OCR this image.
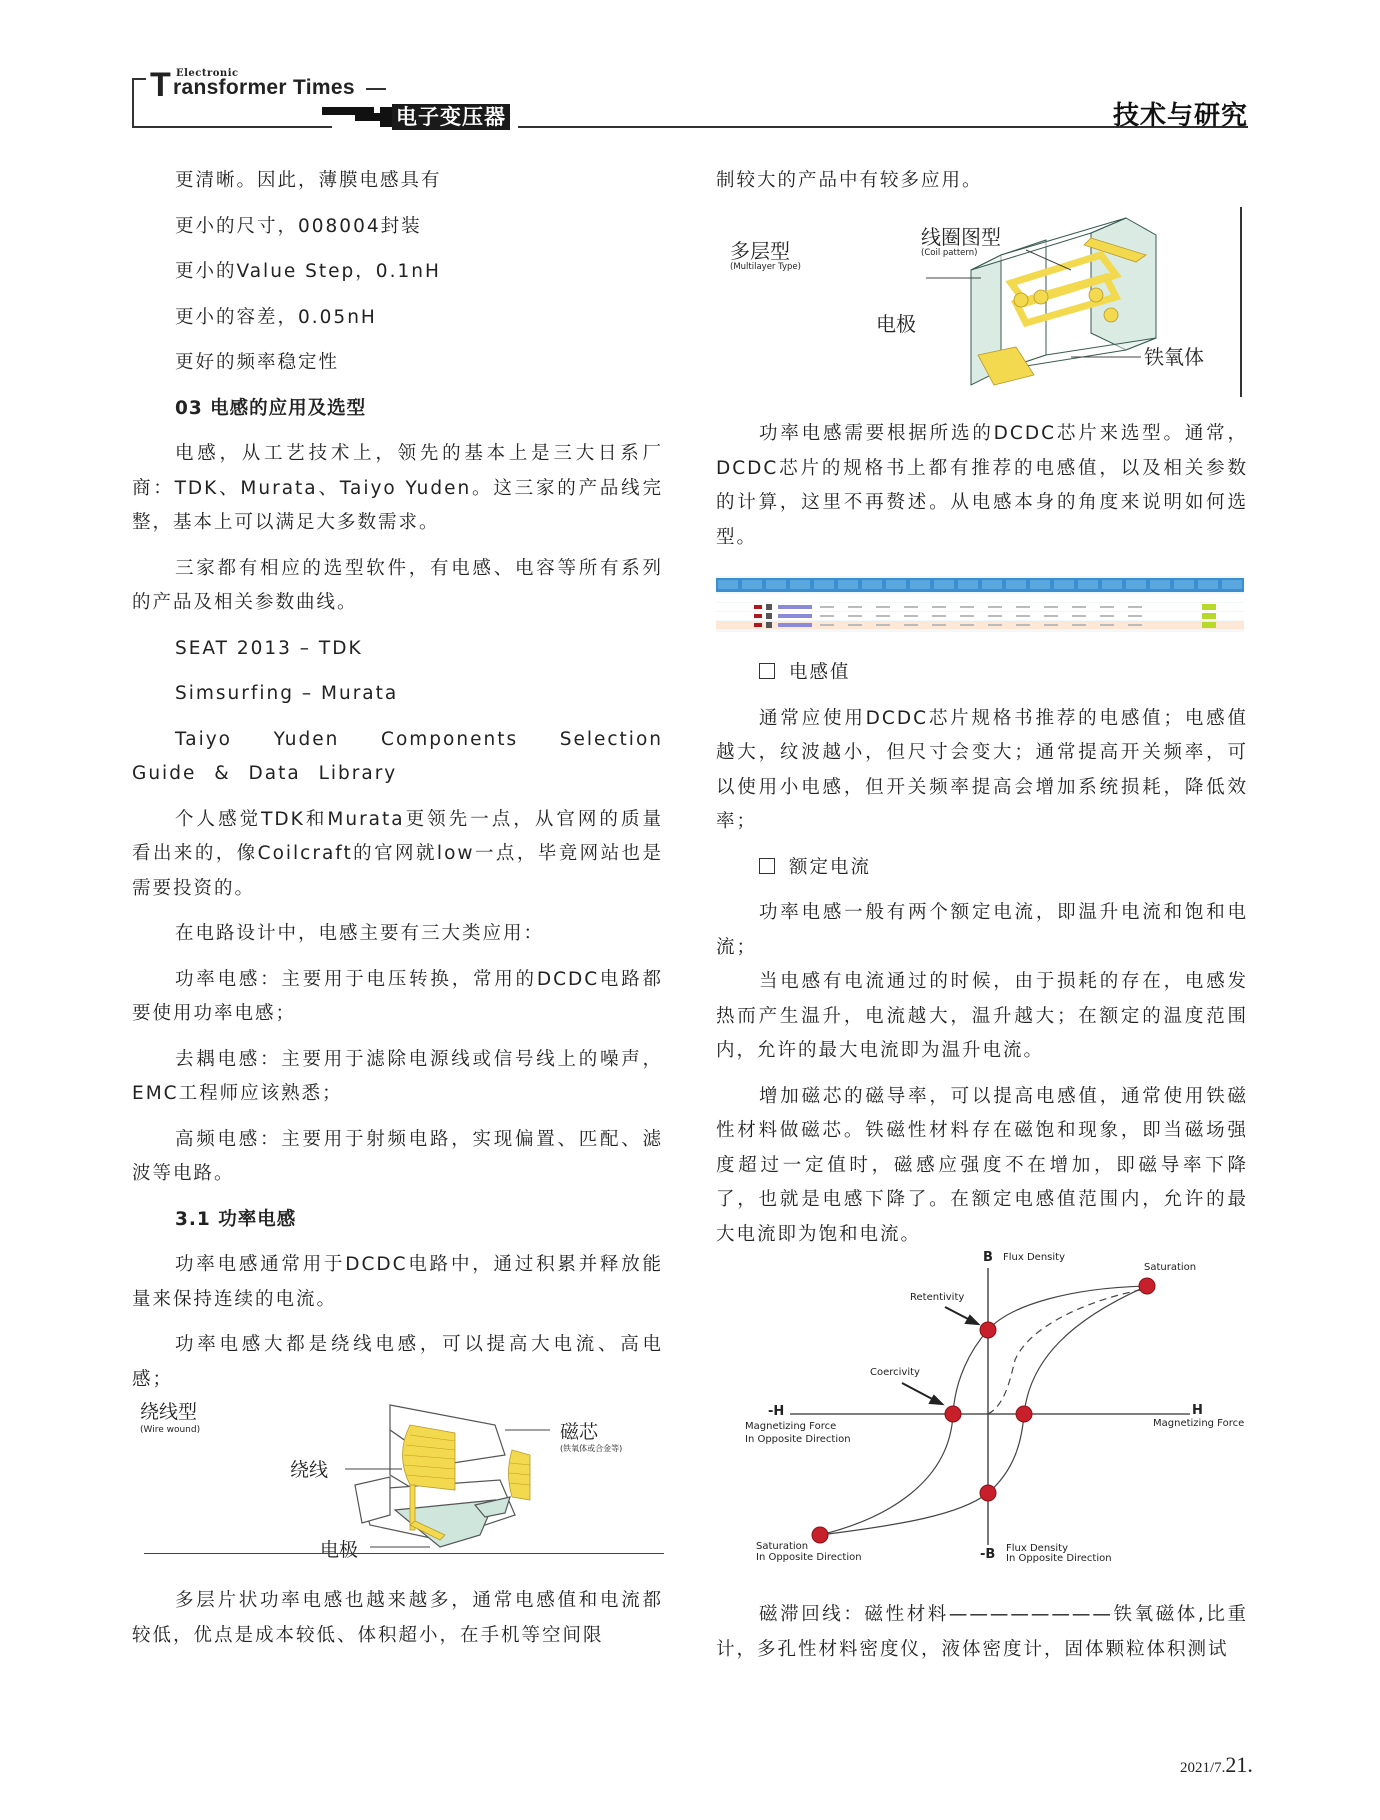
T Electronic
ransformer Times
电子变压器专辑
技术与研究

更清晰。因此，薄膜电感具有

更小的尺寸，008004封装

更小的Value Step，0.1nH

更小的容差，0.05nH

更好的频率稳定性

03 电感的应用及选型

电感，从工艺技术上，领先的基本上是三大日系厂商：TDK、Murata、Taiyo Yuden。这三家的产品线完整，基本上可以满足大多数需求。

三家都有相应的选型软件，有电感、电容等所有系列的产品及相关参数曲线。

SEAT 2013 – TDK

Simsurfing – Murata

Taiyo Yuden Components Selection Guide & Data Library

个人感觉TDK和Murata更领先一点，从官网的质量看出来的，像Coilcraft的官网就low一点，毕竟网站也是需要投资的。

在电路设计中，电感主要有三大类应用：

功率电感：主要用于电压转换，常用的DCDC电路都要使用功率电感；

去耦电感：主要用于滤除电源线或信号线上的噪声，EMC工程师应该熟悉；

高频电感：主要用于射频电路，实现偏置、匹配、滤波等电路。

3.1 功率电感

功率电感通常用于DCDC电路中，通过积累并释放能量来保持连续的电流。

功率电感大都是绕线电感，可以提高大电流、高电感；

绕线型
(Wire wound)
绕线
磁芯
(铁氧体或合金等)
电极

多层片状功率电感也越来越多，通常电感值和电流都较低，优点是成本较低、体积超小，在手机等空间限

制较大的产品中有较多应用。

多层型
(Multilayer Type)
线圈图型
(Coil pattern)
电极
铁氧体

功率电感需要根据所选的DCDC芯片来选型。通常，DCDC芯片的规格书上都有推荐的电感值，以及相关参数的计算，这里不再赘述。从电感本身的角度来说明如何选型。

电感值

通常应使用DCDC芯片规格书推荐的电感值；电感值越大，纹波越小，但尺寸会变大；通常提高开关频率，可以使用小电感，但开关频率提高会增加系统损耗，降低效率；

额定电流

功率电感一般有两个额定电流，即温升电流和饱和电流；

当电感有电流通过的时候，由于损耗的存在，电感发热而产生温升，电流越大，温升越大；在额定的温度范围内，允许的最大电流即为温升电流。

增加磁芯的磁导率，可以提高电感值，通常使用铁磁性材料做磁芯。铁磁性材料存在磁饱和现象，即当磁场强度超过一定值时，磁感应强度不在增加，即磁导率下降了，也就是电感下降了。在额定电感值范围内，允许的最大电流即为饱和电流。

B Flux Density
Saturation
Retentivity
Coercivity
-H
Magnetizing Force
In Opposite Direction
H
Magnetizing Force
Saturation
In Opposite Direction	-B Flux Density
In Opposite Direction

磁滞回线：磁性材料————————铁氧磁体,比重计，多孔性材料密度仪，液体密度计，固体颗粒体积测试

2021/7.21.
